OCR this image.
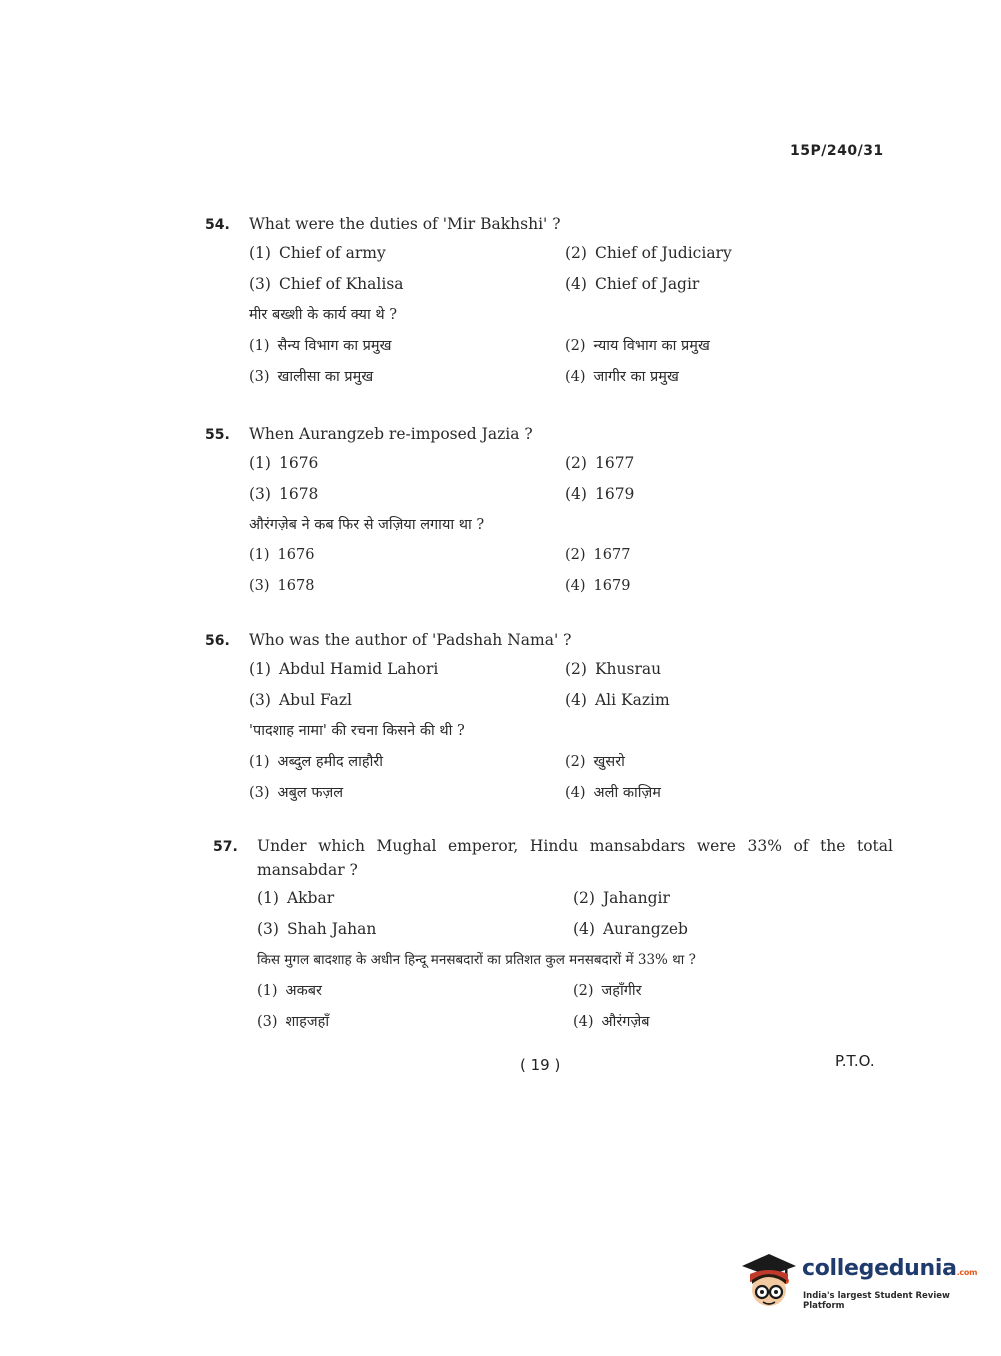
15P/240/31
54.	What were the duties of 'Mir Bakhshi' ?
(1) Chief of army	(2) Chief of Judiciary
(3) Chief of Khalisa	(4) Chief of Jagir
मीर बख्शी के कार्य क्या थे ?
(1) सैन्य विभाग का प्रमुख	(2) न्याय विभाग का प्रमुख
(3) खालीसा का प्रमुख	(4) जागीर का प्रमुख
55.	When Aurangzeb re-imposed Jazia ?
(1) 1676	(2) 1677
(3) 1678	(4) 1679
औरंगज़ेब ने कब फिर से जज़िया लगाया था ?
(1) 1676	(2) 1677
(3) 1678	(4) 1679
56.	Who was the author of 'Padshah Nama' ?
(1) Abdul Hamid Lahori	(2) Khusrau
(3) Abul Fazl	(4) Ali Kazim
'पादशाह नामा' की रचना किसने की थी ?
(1) अब्दुल हमीद लाहौरी	(2) खुसरो
(3) अबुल फज़ल	(4) अली काज़िम
57.	Under which Mughal emperor, Hindu mansabdars were 33% of the total mansabdar ?
(1) Akbar	(2) Jahangir
(3) Shah Jahan	(4) Aurangzeb
किस मुगल बादशाह के अधीन हिन्दू मनसबदारों का प्रतिशत कुल मनसबदारों में 33% था ?
(1) अकबर	(2) जहाँगीर
(3) शाहजहाँ	(4) औरंगज़ेब
( 19 )	P.T.O.
collegedunia.com
India's largest Student Review Platform
